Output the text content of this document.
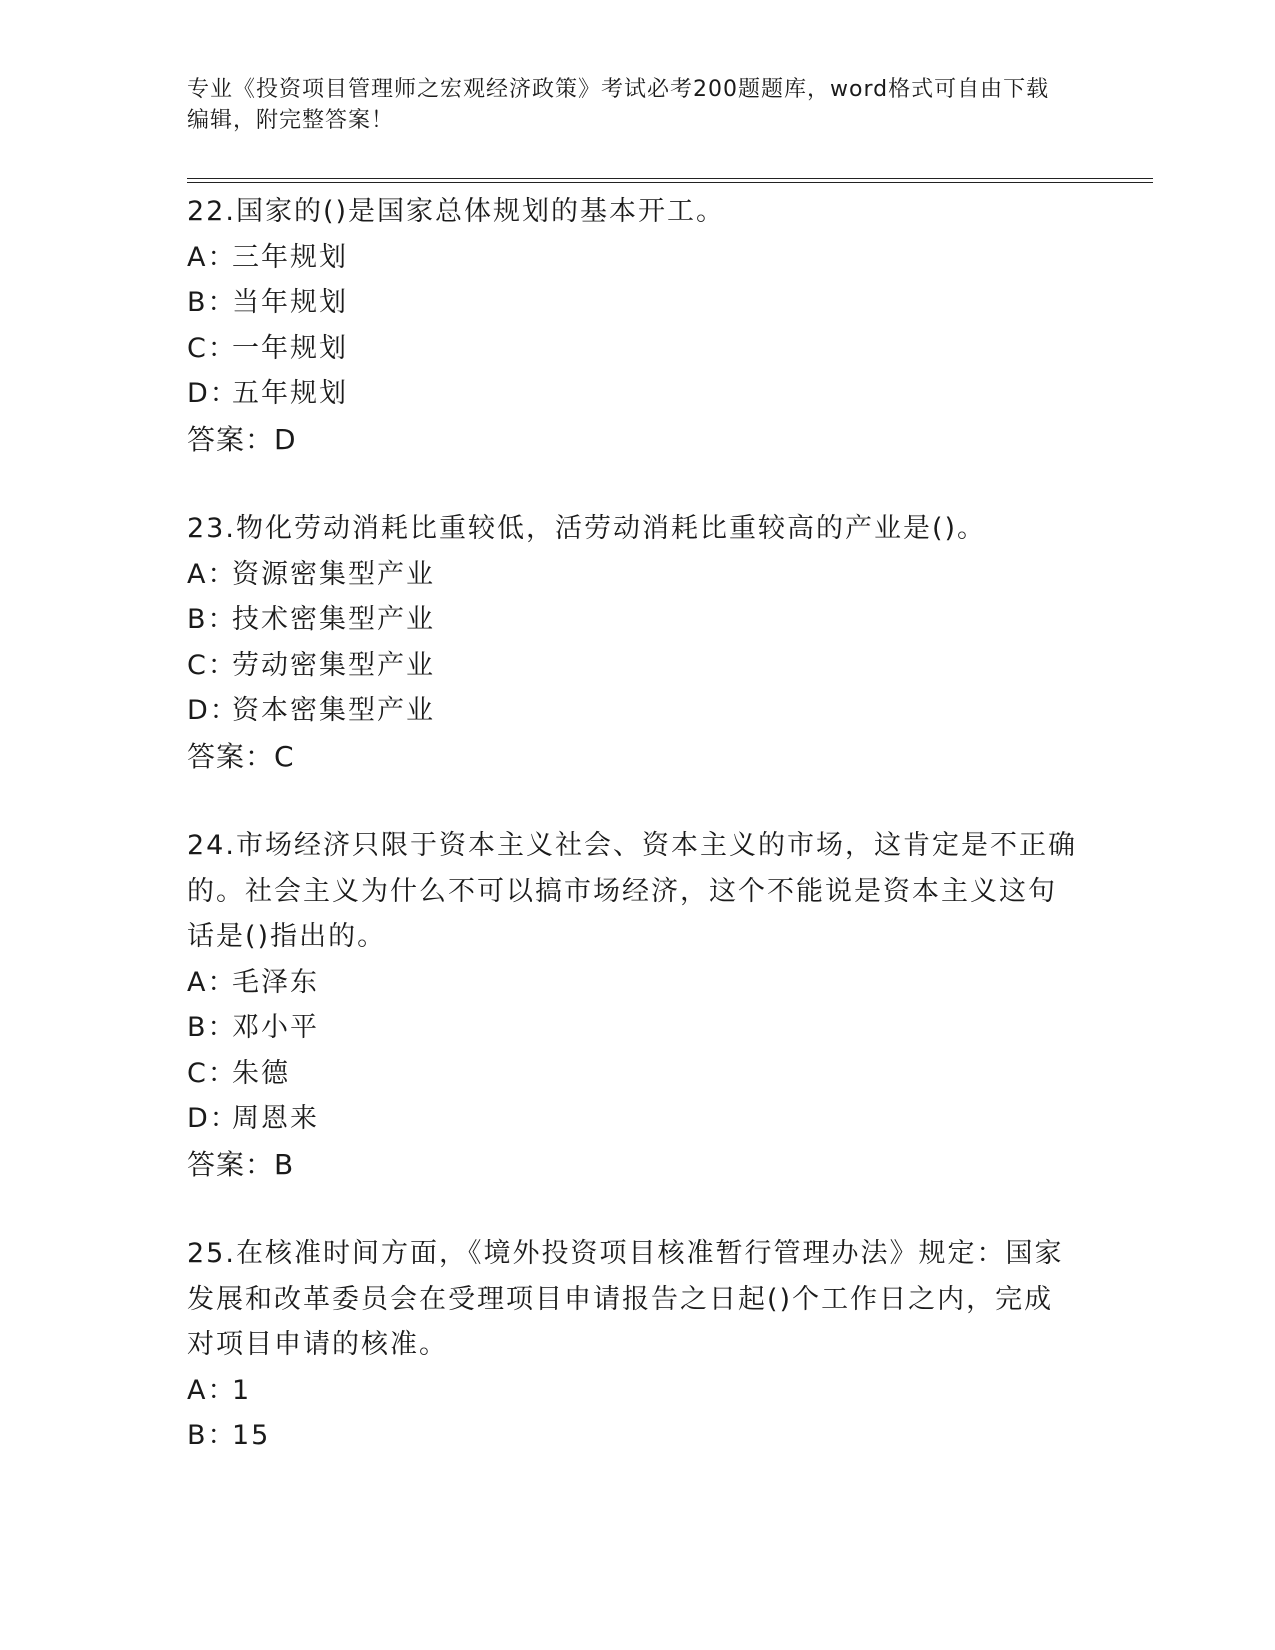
专业《投资项目管理师之宏观经济政策》考试必考200题题库，word格式可自由下载编辑，附完整答案！
22.国家的()是国家总体规划的基本开工。
A：三年规划
B：当年规划
C：一年规划
D：五年规划
答案：D
23.物化劳动消耗比重较低，活劳动消耗比重较高的产业是()。
A：资源密集型产业
B：技术密集型产业
C：劳动密集型产业
D：资本密集型产业
答案：C
24.市场经济只限于资本主义社会、资本主义的市场，这肯定是不正确的。社会主义为什么不可以搞市场经济，这个不能说是资本主义这句话是()指出的。
A：毛泽东
B：邓小平
C：朱德
D：周恩来
答案：B
25.在核准时间方面，《境外投资项目核准暂行管理办法》规定：国家发展和改革委员会在受理项目申请报告之日起()个工作日之内，完成对项目申请的核准。
A：1
B：15
